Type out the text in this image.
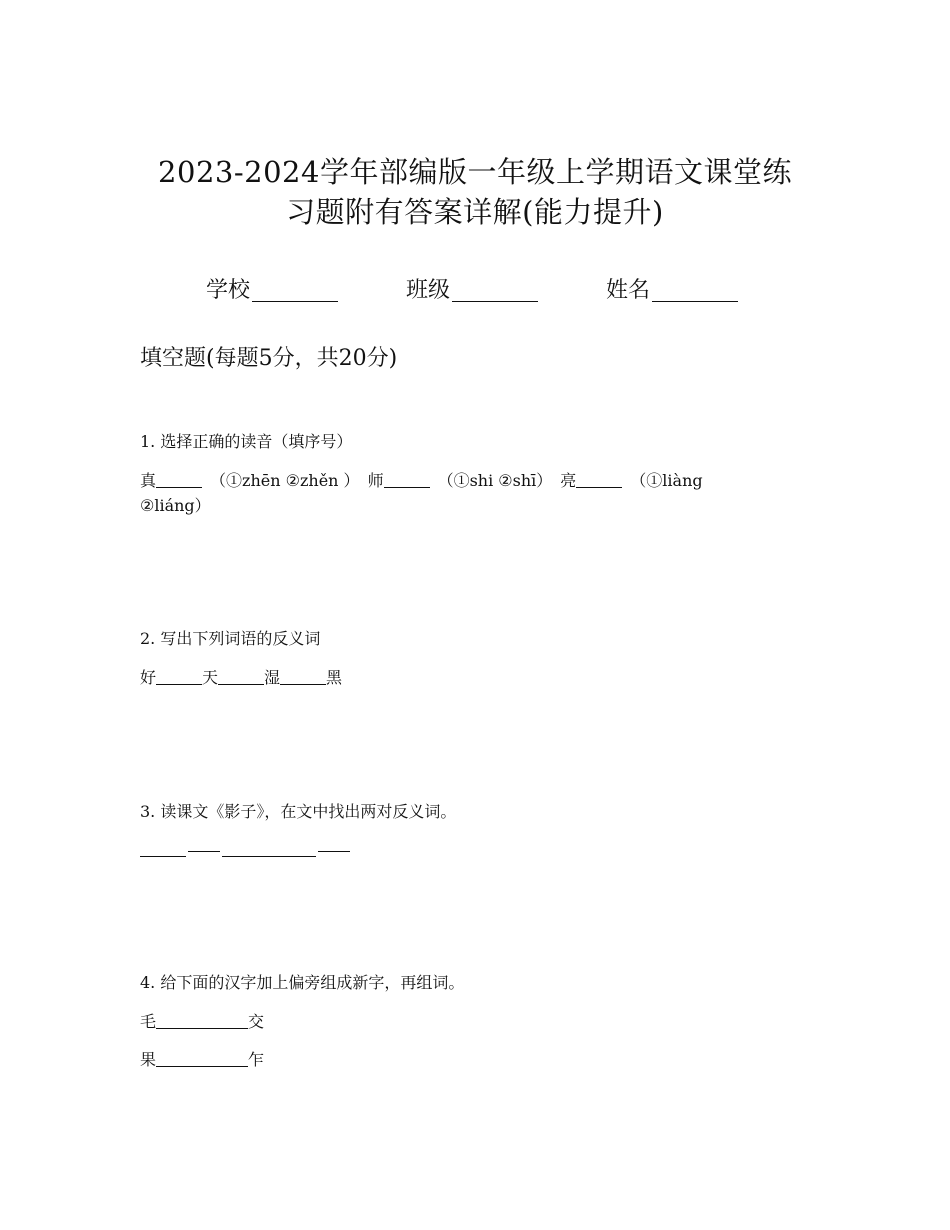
2023-2024学年部编版一年级上学期语文课堂练
习题附有答案详解(能力提升)
学校	班级	姓名
填空题(每题5分，共20分)
1. 选择正确的读音（填序号）
真	（①zhēn ②zhěn ） 师	（①shi ②shī） 亮	（①liàng
②liáng）
2. 写出下列词语的反义词
好	天	湿	黑
3. 读课文《影子》，在文中找出两对反义词。
4. 给下面的汉字加上偏旁组成新字，再组词。
毛	交
果	乍
